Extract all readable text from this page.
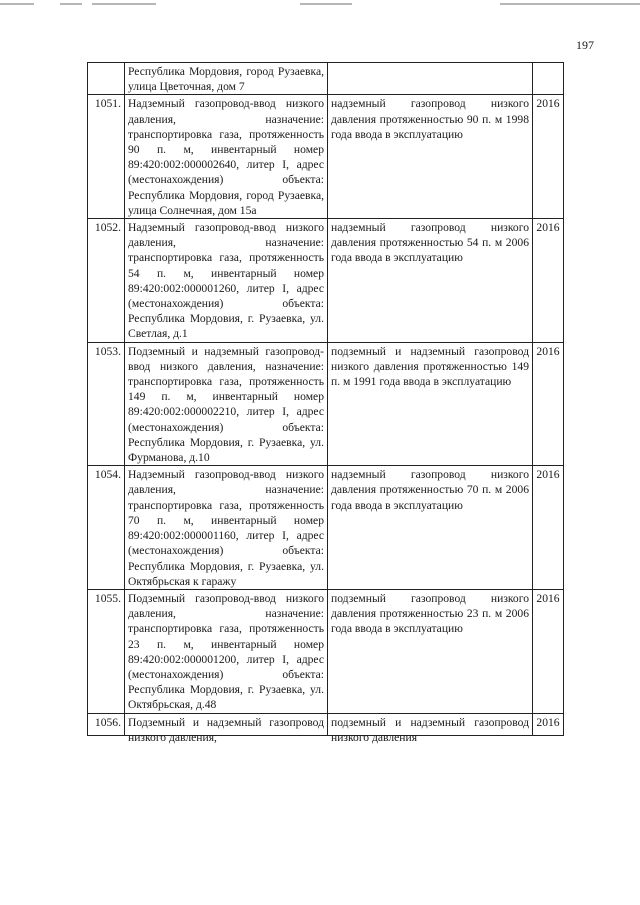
197
	Республика Мордовия, город Рузаевка, улица Цветочная, дом 7		
1051.	Надземный газопровод-ввод низкого давления, назначение: транспортировка газа, протяженность 90 п. м, инвентарный номер 89:420:002:000002640, литер I, адрес (местонахождения) объекта: Республика Мордовия, город Рузаевка, улица Солнечная, дом 15а	надземный газопровод низкого давления протяженностью 90 п. м 1998 года ввода в эксплуатацию	2016
1052.	Надземный газопровод-ввод низкого давления, назначение: транспортировка газа, протяженность 54 п. м, инвентарный номер 89:420:002:000001260, литер I, адрес (местонахождения) объекта: Республика Мордовия, г. Рузаевка, ул. Светлая, д.1	надземный газопровод низкого давления протяженностью 54 п. м 2006 года ввода в эксплуатацию	2016
1053.	Подземный и надземный газопровод-ввод низкого давления, назначение: транспортировка газа, протяженность 149 п. м, инвентарный номер 89:420:002:000002210, литер I, адрес (местонахождения) объекта: Республика Мордовия, г. Рузаевка, ул. Фурманова, д.10	подземный и надземный газопровод низкого давления протяженностью 149 п. м 1991 года ввода в эксплуатацию	2016
1054.	Надземный газопровод-ввод низкого давления, назначение: транспортировка газа, протяженность 70 п. м, инвентарный номер 89:420:002:000001160, литер I, адрес (местонахождения) объекта: Республика Мордовия, г. Рузаевка, ул. Октябрьская к гаражу	надземный газопровод низкого давления протяженностью 70 п. м 2006 года ввода в эксплуатацию	2016
1055.	Подземный газопровод-ввод низкого давления, назначение: транспортировка газа, протяженность 23 п. м, инвентарный номер 89:420:002:000001200, литер I, адрес (местонахождения) объекта: Республика Мордовия, г. Рузаевка, ул. Октябрьская, д.48	подземный газопровод низкого давления протяженностью 23 п. м 2006 года ввода в эксплуатацию	2016

1056.	Подземный и надземный газопровод низкого давления,	подземный и надземный газопровод низкого давления	2016
